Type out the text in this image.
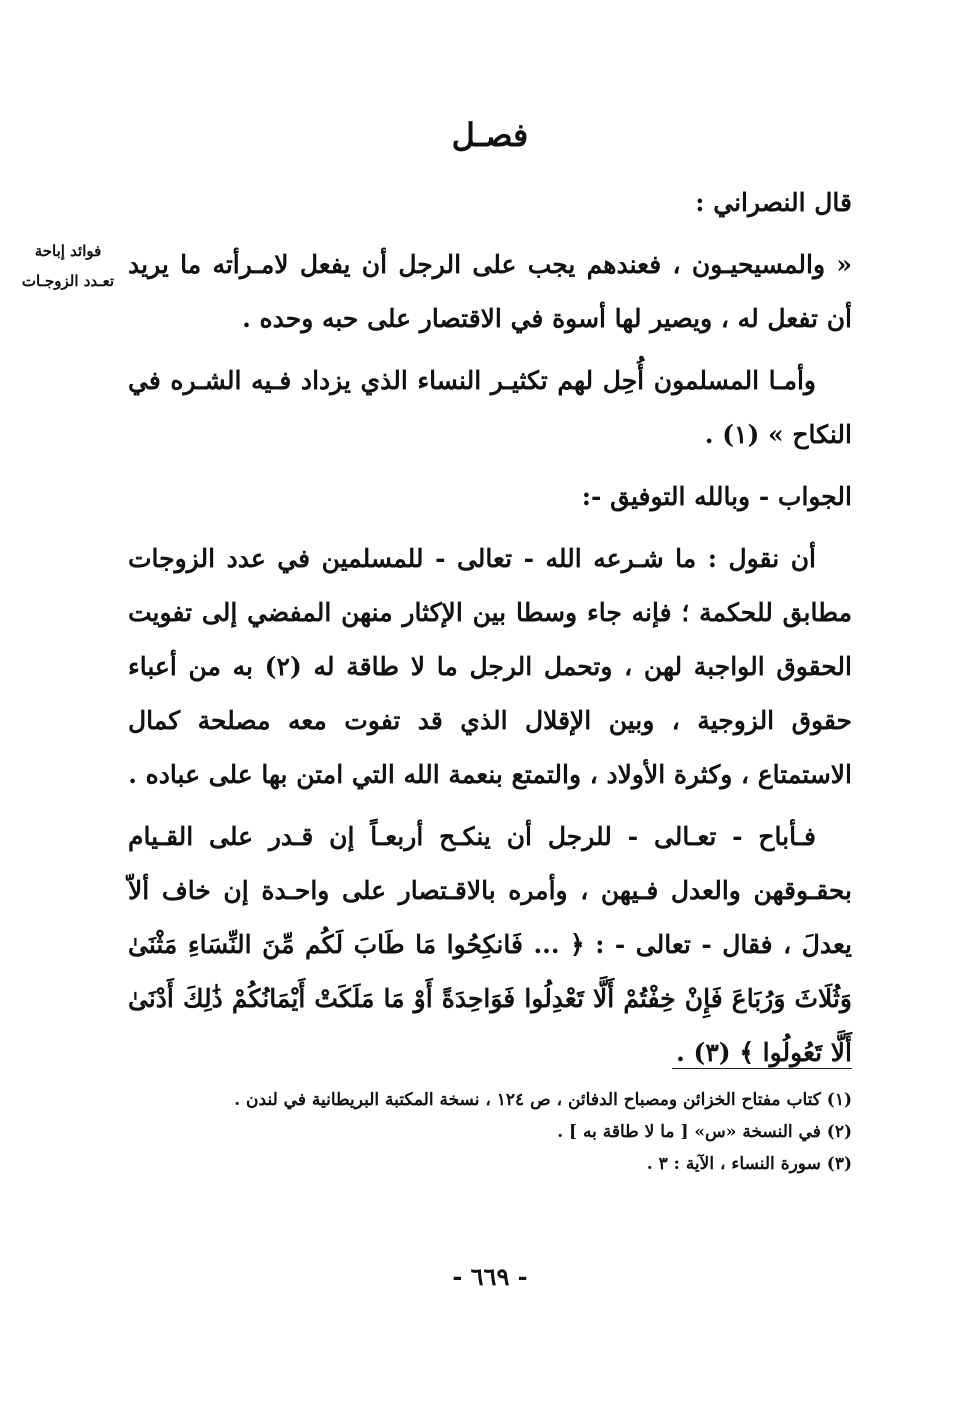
فصـل
فوائد إباحة تعـدد الزوجـات

قال النصراني :

« والمسيحيـون ، فعندهم يجب على الرجل أن يفعل لامـرأته ما يريد أن تفعل له ، ويصير لها أسوة في الاقتصار على حبه وحده .

وأمـا المسلمون أُحِل لهم تكثيـر النساء الذي يزداد فـيه الشـره في النكاح » (١) .

الجواب - وبالله التوفيق -:

أن نقول : ما شـرعه الله - تعالى - للمسلمين في عدد الزوجات مطابق للحكمة ؛ فإنه جاء وسطا بين الإكثار منهن المفضي إلى تفويت الحقوق الواجبة لهن ، وتحمل الرجل ما لا طاقة له (٢) به من أعباء حقوق الزوجية ، وبين الإقلال الذي قد تفوت معه مصلحة كمال الاستمتاع ، وكثرة الأولاد ، والتمتع بنعمة الله التي امتن بها على عباده .

فـأباح - تعـالى - للرجل أن ينكـح أربعـاً إن قـدر على القـيام بحقـوقهن والعدل فـيهن ، وأمره بالاقـتصار على واحـدة إن خاف ألاّ يعدلَ ، فقال - تعالى - : ﴿ ... فَانكِحُوا مَا طَابَ لَكُم مِّنَ النِّسَاءِ مَثْنَىٰ وَثُلَاثَ وَرُبَاعَ فَإِنْ خِفْتُمْ أَلَّا تَعْدِلُوا فَوَاحِدَةً أَوْ مَا مَلَكَتْ أَيْمَانُكُمْ ذَٰلِكَ أَدْنَىٰ أَلَّا تَعُولُوا ﴾ (٣) .

(١) كتاب مفتاح الخزائن ومصباح الدفائن ، ص ١٢٤ ، نسخة المكتبة البريطانية في لندن .
(٢) في النسخة «س» [ ما لا طاقة به ] .
(٣) سورة النساء ، الآية : ٣ .
- ٦٦٩ -
